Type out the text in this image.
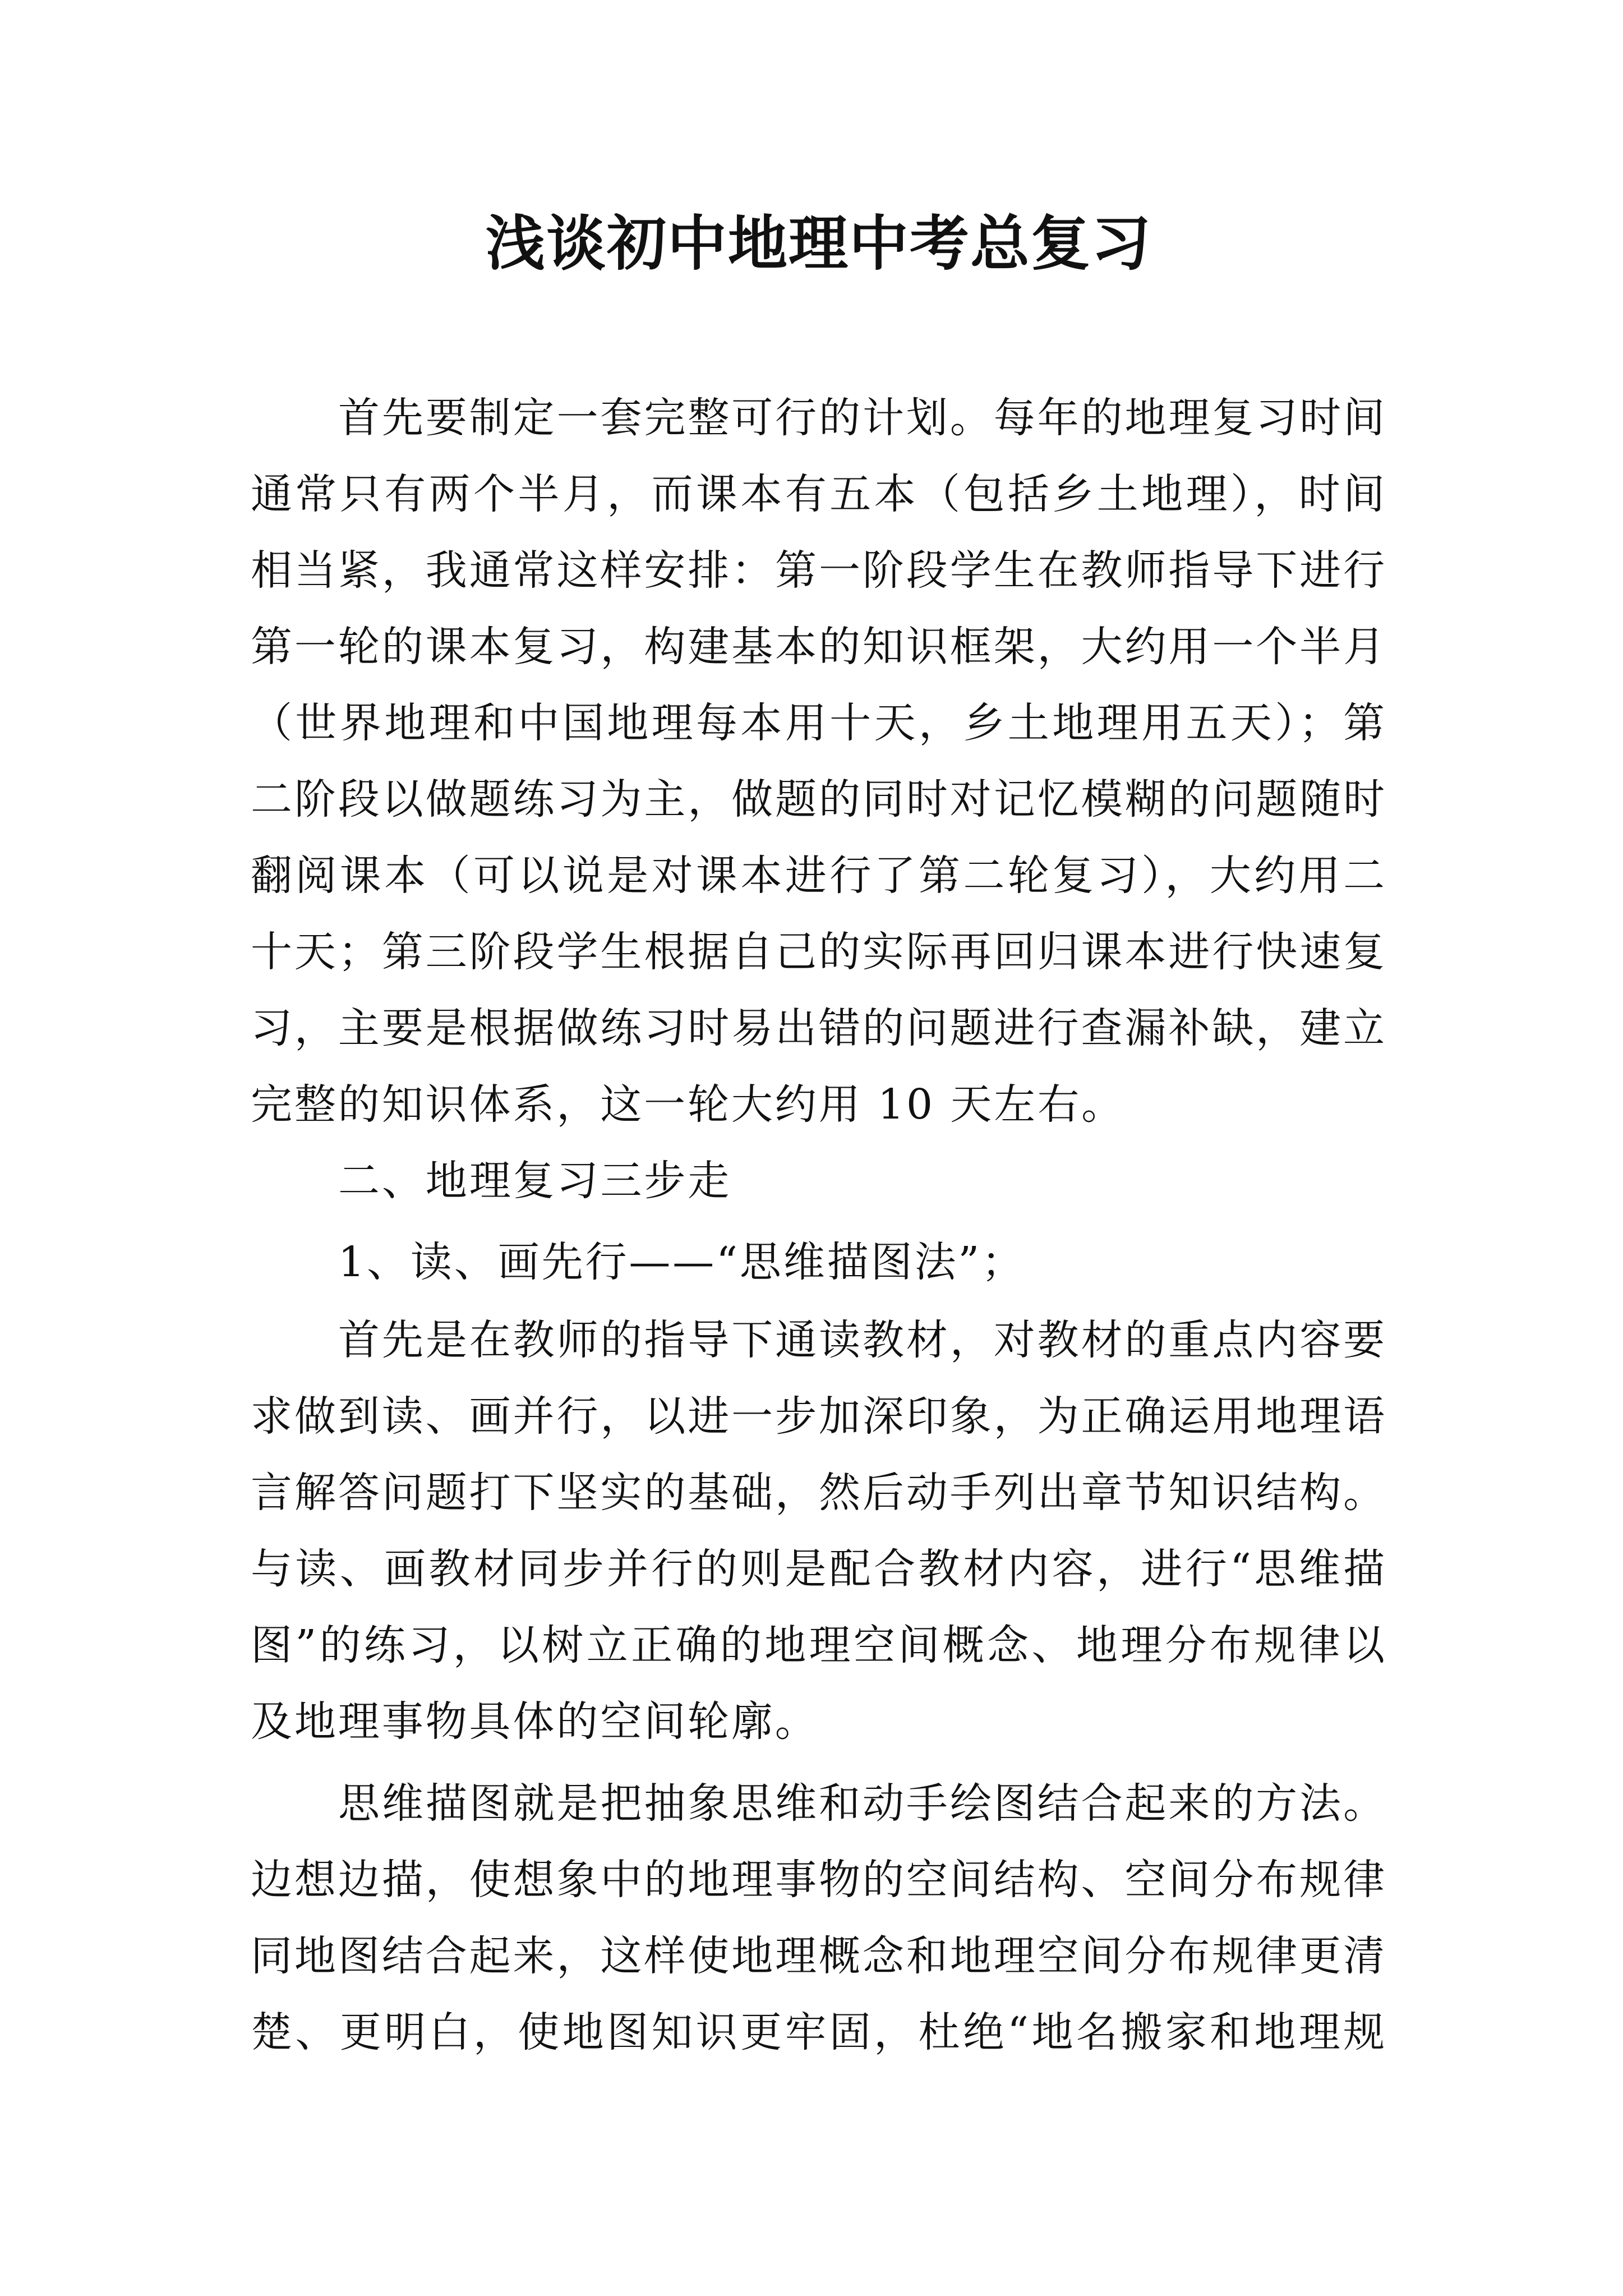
浅谈初中地理中考总复习
首先要制定一套完整可行的计划。每年的地理复习时间
通常只有两个半月，而课本有五本（包括乡土地理），时间
相当紧，我通常这样安排：第一阶段学生在教师指导下进行
第一轮的课本复习，构建基本的知识框架，大约用一个半月
（世界地理和中国地理每本用十天，乡土地理用五天）；第
二阶段以做题练习为主，做题的同时对记忆模糊的问题随时
翻阅课本（可以说是对课本进行了第二轮复习），大约用二
十天；第三阶段学生根据自己的实际再回归课本进行快速复
习，主要是根据做练习时易出错的问题进行查漏补缺，建立
完整的知识体系，这一轮大约用 10 天左右。
二、地理复习三步走
1、读、画先行——“思维描图法”；
首先是在教师的指导下通读教材，对教材的重点内容要
求做到读、画并行，以进一步加深印象，为正确运用地理语
言解答问题打下坚实的基础，然后动手列出章节知识结构。
与读、画教材同步并行的则是配合教材内容，进行“思维描
图”的练习，以树立正确的地理空间概念、地理分布规律以
及地理事物具体的空间轮廓。
思维描图就是把抽象思维和动手绘图结合起来的方法。
边想边描，使想象中的地理事物的空间结构、空间分布规律
同地图结合起来，这样使地理概念和地理空间分布规律更清
楚、更明白，使地图知识更牢固，杜绝“地名搬家和地理规
